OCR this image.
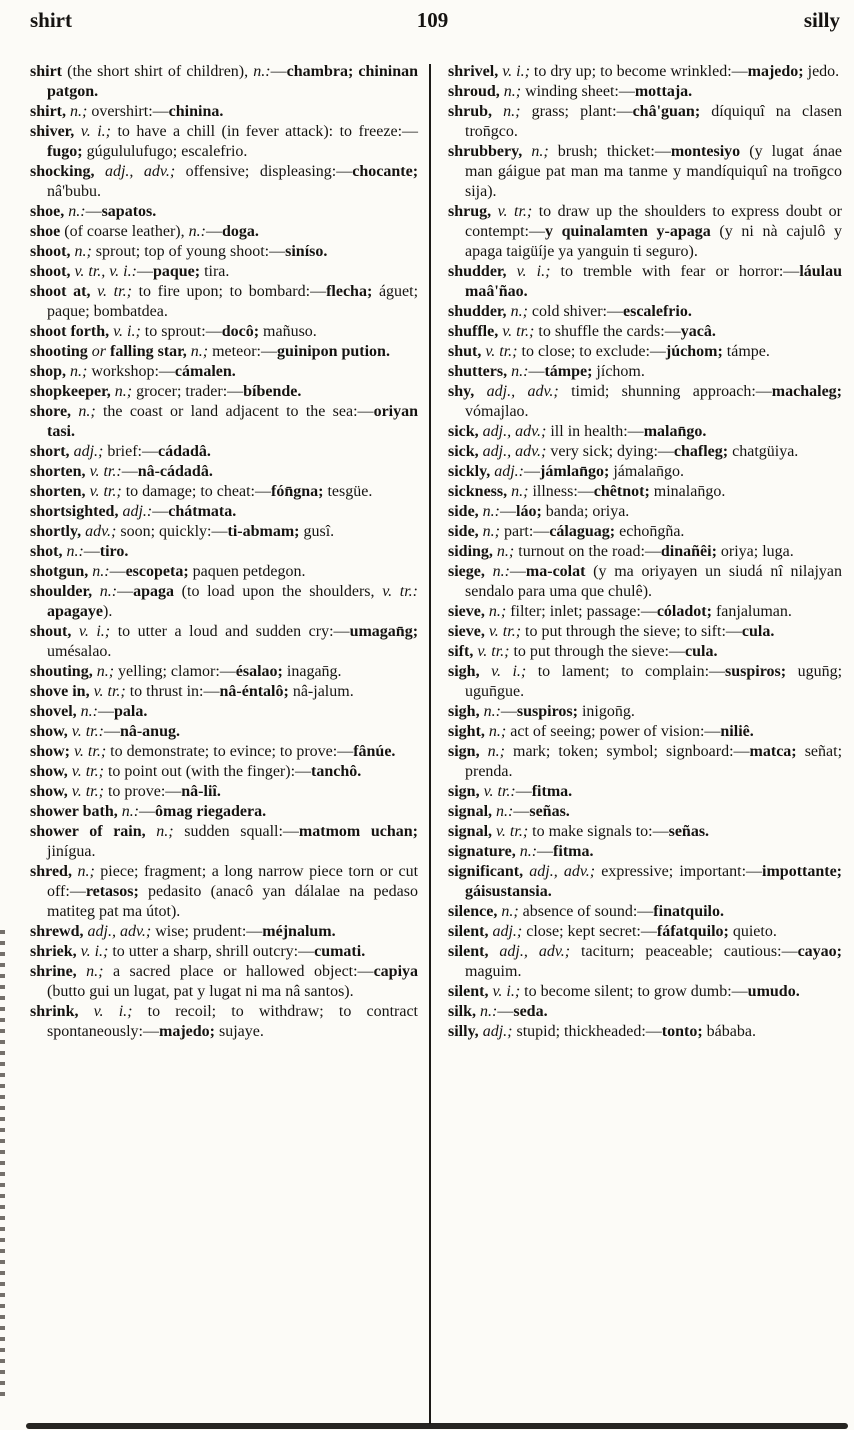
shirt	109	silly

shirt (the short shirt of children), n.:—chambra; chininan patgon.

shirt, n.; overshirt:—chinina.

shiver, v. i.; to have a chill (in fever attack): to freeze:—fugo; gúgululufugo; escalefrio.

shocking, adj., adv.; offensive; displeasing:—chocante; nâ'bubu.

shoe, n.:—sapatos.

shoe (of coarse leather), n.:—doga.

shoot, n.; sprout; top of young shoot:—siníso.

shoot, v. tr., v. i.:—paque; tira.

shoot at, v. tr.; to fire upon; to bombard:—flecha; águet; paque; bombatdea.

shoot forth, v. i.; to sprout:—docô; mañuso.

shooting or falling star, n.; meteor:—guinipon pution.

shop, n.; workshop:—cámalen.

shopkeeper, n.; grocer; trader:—bíbende.

shore, n.; the coast or land adjacent to the sea:—oriyan tasi.

short, adj.; brief:—cádadâ.

shorten, v. tr.:—nâ-cádadâ.

shorten, v. tr.; to damage; to cheat:—fón̄gna; tesgüe.

shortsighted, adj.:—chátmata.

shortly, adv.; soon; quickly:—ti-abmam; gusî.

shot, n.:—tiro.

shotgun, n.:—escopeta; paquen petdegon.

shoulder, n.:—apaga (to load upon the shoulders, v. tr.: apagaye).

shout, v. i.; to utter a loud and sudden cry:—umagan̄g; umésalao.

shouting, n.; yelling; clamor:—ésalao; inagan̄g.

shove in, v. tr.; to thrust in:—nâ-éntalô; nâ-jalum.

shovel, n.:—pala.

show, v. tr.:—nâ-anug.

show; v. tr.; to demonstrate; to evince; to prove:—fânúe.

show, v. tr.; to point out (with the finger):—tanchô.

show, v. tr.; to prove:—nâ-liî.

shower bath, n.:—ômag riegadera.

shower of rain, n.; sudden squall:—matmom uchan; jinígua.

shred, n.; piece; fragment; a long narrow piece torn or cut off:—retasos; pedasito (anacô yan dálalae na pedaso matiteg pat ma útot).

shrewd, adj., adv.; wise; prudent:—méjnalum.

shriek, v. i.; to utter a sharp, shrill outcry:—cumati.

shrine, n.; a sacred place or hallowed object:—capiya (butto gui un lugat, pat y lugat ni ma nâ santos).

shrink, v. i.; to recoil; to withdraw; to contract spontaneously:—majedo; sujaye.

shrivel, v. i.; to dry up; to become wrinkled:—majedo; jedo.

shroud, n.; winding sheet:—mottaja.

shrub, n.; grass; plant:—châ'guan; díquiquî na clasen tron̄gco.

shrubbery, n.; brush; thicket:—montesiyo (y lugat ánae man gáigue pat man ma tanme y mandíquiquî na tron̄gco sija).

shrug, v. tr.; to draw up the shoulders to express doubt or contempt:—y quinalamten y-apaga (y ni nà cajulô y apaga taigüíje ya yanguin ti seguro).

shudder, v. i.; to tremble with fear or horror:—láulau maâ'ñao.

shudder, n.; cold shiver:—escalefrio.

shuffle, v. tr.; to shuffle the cards:—yacâ.

shut, v. tr.; to close; to exclude:—júchom; támpe.

shutters, n.:—támpe; jíchom.

shy, adj., adv.; timid; shunning approach:—machaleg; vómajlao.

sick, adj., adv.; ill in health:—malan̄go.

sick, adj., adv.; very sick; dying:—chafleg; chatgüiya.

sickly, adj.:—jámlan̄go; jámalan̄go.

sickness, n.; illness:—chêtnot; minalan̄go.

side, n.:—láo; banda; oriya.

side, n.; part:—cálaguag; echon̄gña.

siding, n.; turnout on the road:—dinañêi; oriya; luga.

siege, n.:—ma-colat (y ma oriyayen un siudá nî nilajyan sendalo para uma que chulê).

sieve, n.; filter; inlet; passage:—cóladot; fanjaluman.

sieve, v. tr.; to put through the sieve; to sift:—cula.

sift, v. tr.; to put through the sieve:—cula.

sigh, v. i.; to lament; to complain:—suspiros; ugun̄g; ugun̄gue.

sigh, n.:—suspiros; inigon̄g.

sight, n.; act of seeing; power of vision:—niliê.

sign, n.; mark; token; symbol; signboard:—matca; señat; prenda.

sign, v. tr.:—fitma.

signal, n.:—señas.

signal, v. tr.; to make signals to:—señas.

signature, n.:—fitma.

significant, adj., adv.; expressive; important:—impottante; gáisustansia.

silence, n.; absence of sound:—finatquilo.

silent, adj.; close; kept secret:—fáfatquilo; quieto.

silent, adj., adv.; taciturn; peaceable; cautious:—cayao; maguim.

silent, v. i.; to become silent; to grow dumb:—umudo.

silk, n.:—seda.

silly, adj.; stupid; thickheaded:—tonto; bábaba.
